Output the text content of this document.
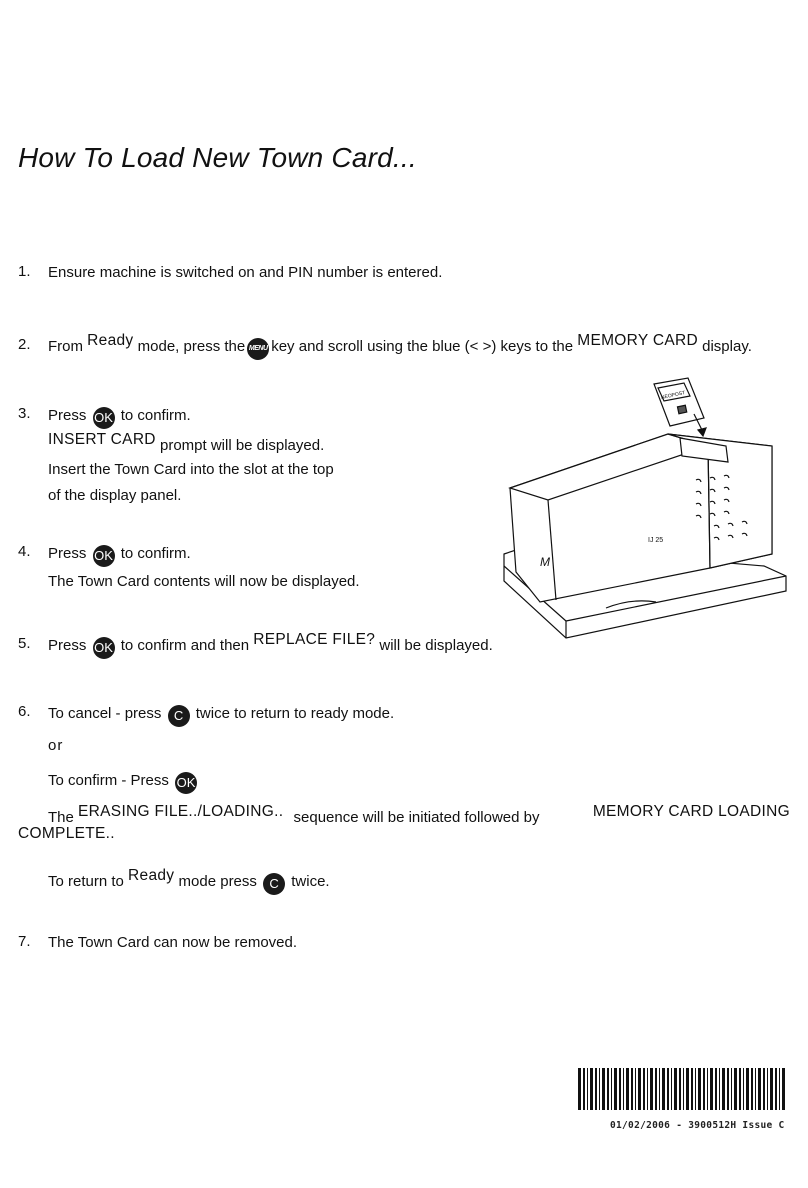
How To Load New Town Card...
1. Ensure machine is switched on and PIN number is entered.
2. From Ready mode, press the MENU key and scroll using the blue (< >) keys to the MEMORY CARD display.
3. Press OK to confirm.
INSERT CARD prompt will be displayed.
Insert the Town Card into the slot at the top
of the display panel.
4. Press OK to confirm.
The Town Card contents will now be displayed.
5. Press OK to confirm and then REPLACE FILE? will be displayed.
6. To cancel - press C twice to return to ready mode.
or
To confirm - Press OK
The ERASING FILE../LOADING.. sequence will be initiated followed by	MEMORY CARD LOADING
COMPLETE..
To return to Ready mode press C twice.
7. The Town Card can now be removed.
NEOPOST
M
IJ 25
01/02/2006 - 3900512H Issue C
